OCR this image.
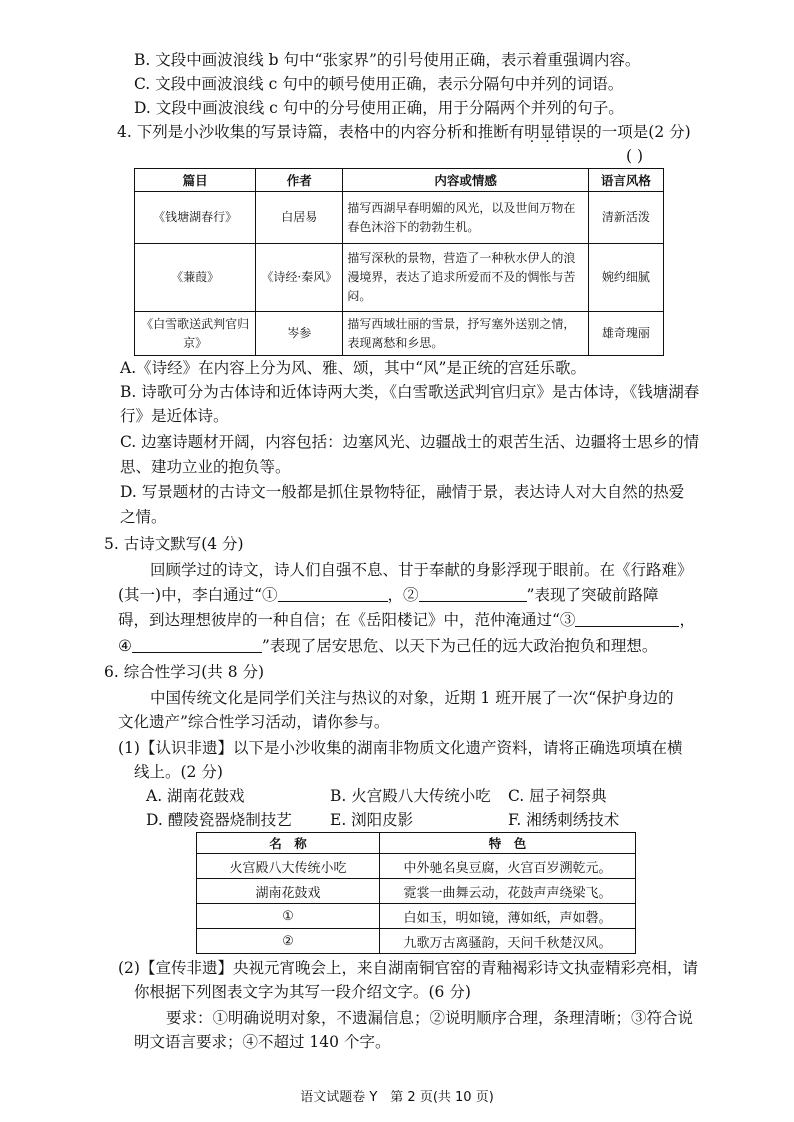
B. 文段中画波浪线 b 句中“张家界”的引号使用正确，表示着重强调内容。
C. 文段中画波浪线 c 句中的顿号使用正确，表示分隔句中并列的词语。
D. 文段中画波浪线 c 句中的分号使用正确，用于分隔两个并列的句子。
4. 下列是小沙收集的写景诗篇，表格中的内容分析和推断有明显错误的一项是(2 分)
( )
篇目	作者	内容或情感	语言风格
《钱塘湖春行》	白居易	描写西湖早春明媚的风光，以及世间万物在春色沐浴下的勃勃生机。	清新活泼
《蒹葭》	《诗经·秦风》	描写深秋的景物，营造了一种秋水伊人的浪漫境界，表达了追求所爱而不及的惆怅与苦闷。	婉约细腻
《白雪歌送武判官归京》	岑参	描写西域壮丽的雪景，抒写塞外送别之情，表现离愁和乡思。	雄奇瑰丽
A.《诗经》在内容上分为风、雅、颂，其中“风”是正统的宫廷乐歌。
B. 诗歌可分为古体诗和近体诗两大类，《白雪歌送武判官归京》是古体诗，《钱塘湖春
行》是近体诗。
C. 边塞诗题材开阔，内容包括：边塞风光、边疆战士的艰苦生活、边疆将士思乡的情
思、建功立业的抱负等。
D. 写景题材的古诗文一般都是抓住景物特征，融情于景，表达诗人对大自然的热爱
之情。
5. 古诗文默写(4 分)
回顾学过的诗文，诗人们自强不息、甘于奉献的身影浮现于眼前。在《行路难》
(其一)中，李白通过“①	，②	”表现了突破前路障
碍，到达理想彼岸的一种自信；在《岳阳楼记》中，范仲淹通过“③	，
④	”表现了居安思危、以天下为己任的远大政治抱负和理想。
6. 综合性学习(共 8 分)
中国传统文化是同学们关注与热议的对象，近期 1 班开展了一次“保护身边的
文化遗产”综合性学习活动，请你参与。
(1)【认识非遗】以下是小沙收集的湖南非物质文化遗产资料，请将正确选项填在横
线上。(2 分)
A. 湖南花鼓戏	B. 火宫殿八大传统小吃 C. 屈子祠祭典
D. 醴陵瓷器烧制技艺 E. 浏阳皮影	F. 湘绣刺绣技术
名　称	特　色
火宫殿八大传统小吃	中外驰名臭豆腐，火宫百岁溯乾元。
湖南花鼓戏	霓裳一曲舞云动，花鼓声声绕梁飞。
①	白如玉，明如镜，薄如纸，声如磬。
②	九歌万古离骚韵，天问千秋楚汉风。
(2)【宣传非遗】央视元宵晚会上，来自湖南铜官窑的青釉褐彩诗文执壶精彩亮相，请
你根据下列图表文字为其写一段介绍文字。(6 分)
要求：①明确说明对象，不遗漏信息；②说明顺序合理，条理清晰；③符合说
明文语言要求；④不超过 140 个字。
语文试题卷 Y　第 2 页(共 10 页)
